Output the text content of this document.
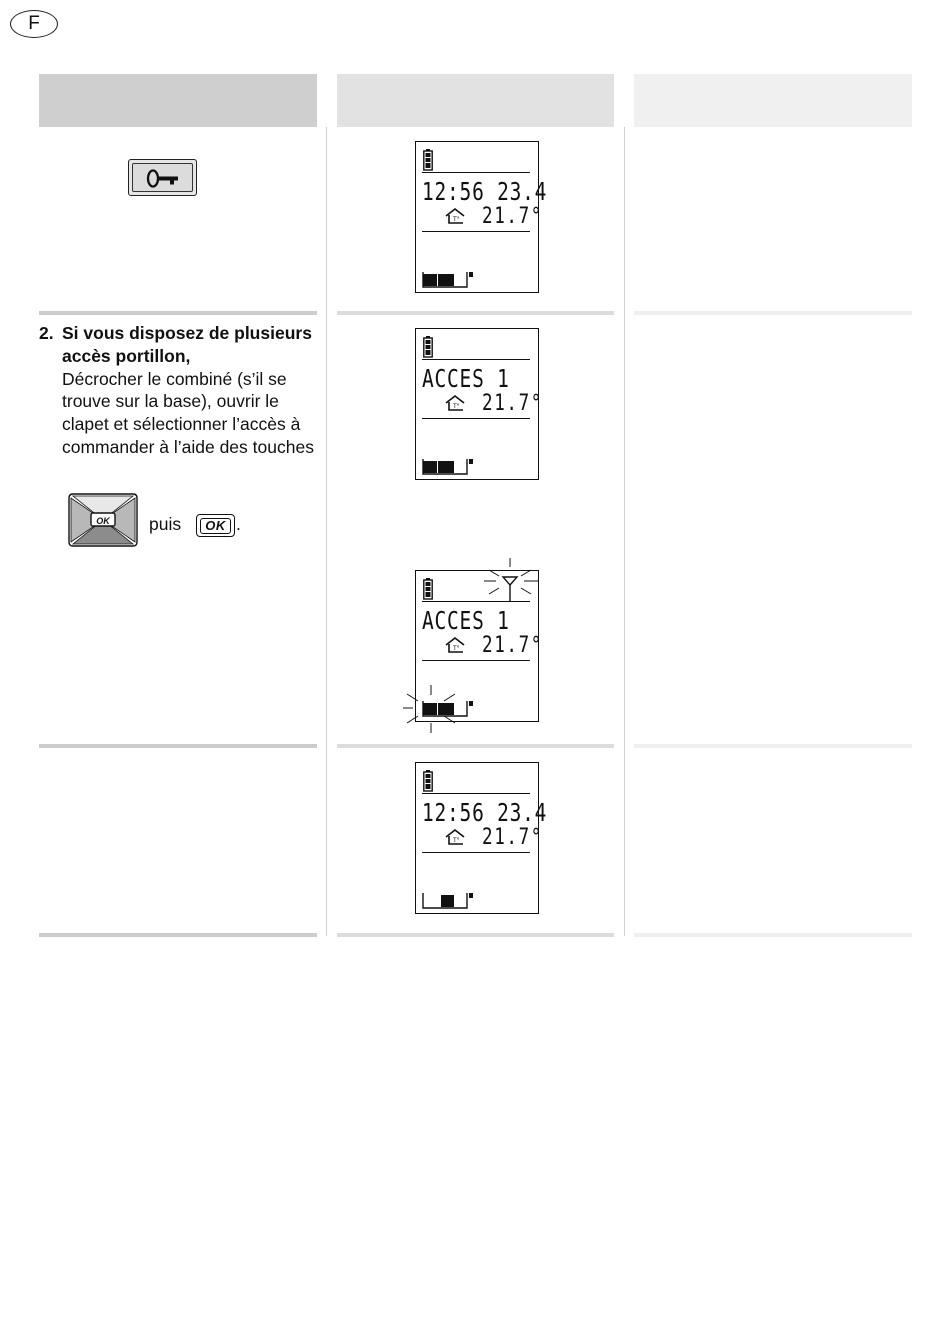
F
12:56 23.4
T° 21.7°
2. Si vous disposez de plusieurs accès portillon,
Décrocher le combiné (s’il se trouve sur la base), ouvrir le clapet et sélectionner l’accès à commander à l’aide des touches
OK	puis	OK .
ACCES 1
T° 21.7°
ACCES 1
T° 21.7°
12:56 23.4
T° 21.7°
